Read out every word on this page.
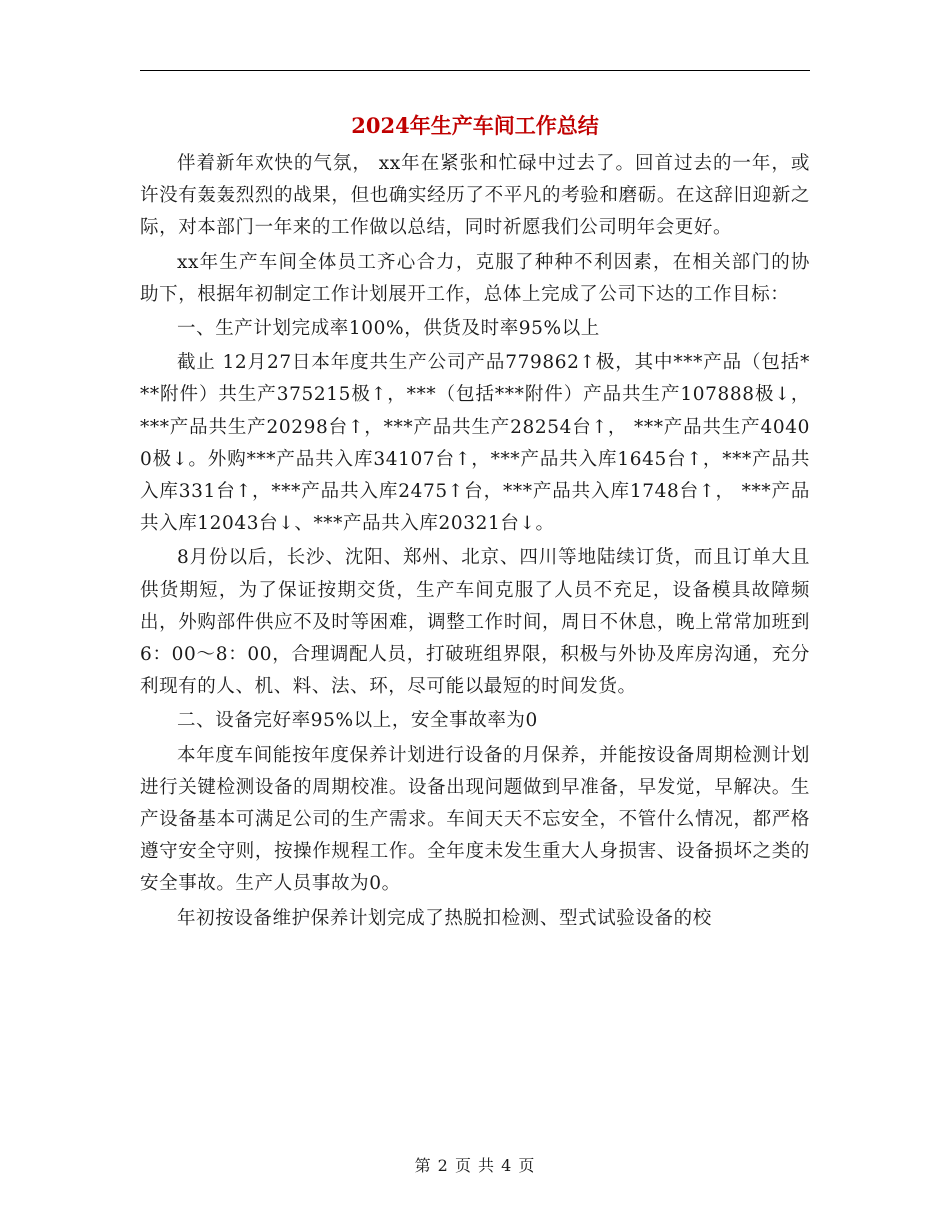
2024年生产车间工作总结

伴着新年欢快的气氛， xx年在紧张和忙碌中过去了。回首过去的一年，或许没有轰轰烈烈的战果，但也确实经历了不平凡的考验和磨砺。在这辞旧迎新之际，对本部门一年来的工作做以总结，同时祈愿我们公司明年会更好。

xx年生产车间全体员工齐心合力，克服了种种不利因素，在相关部门的协助下，根据年初制定工作计划展开工作，总体上完成了公司下达的工作目标：

一、生产计划完成率100%，供货及时率95%以上

截止 12月27日本年度共生产公司产品779862↑极，其中***产品（包括***附件）共生产375215极↑，***（包括***附件）产品共生产107888极↓， ***产品共生产20298台↑，***产品共生产28254台↑， ***产品共生产40400极↓。外购***产品共入库34107台↑，***产品共入库1645台↑，***产品共入库331台↑，***产品共入库2475↑台，***产品共入库1748台↑， ***产品共入库12043台↓、***产品共入库20321台↓。

8月份以后，长沙、沈阳、郑州、北京、四川等地陆续订货，而且订单大且供货期短，为了保证按期交货，生产车间克服了人员不充足，设备模具故障频出，外购部件供应不及时等困难，调整工作时间，周日不休息，晚上常常加班到6：00～8：00，合理调配人员，打破班组界限，积极与外协及库房沟通，充分利现有的人、机、料、法、环，尽可能以最短的时间发货。

二、设备完好率95%以上，安全事故率为0

本年度车间能按年度保养计划进行设备的月保养，并能按设备周期检测计划进行关键检测设备的周期校准。设备出现问题做到早准备，早发觉，早解决。生产设备基本可满足公司的生产需求。车间天天不忘安全，不管什么情况，都严格遵守安全守则，按操作规程工作。全年度未发生重大人身损害、设备损坏之类的安全事故。生产人员事故为0。

年初按设备维护保养计划完成了热脱扣检测、型式试验设备的校

第 2 页 共 4 页
